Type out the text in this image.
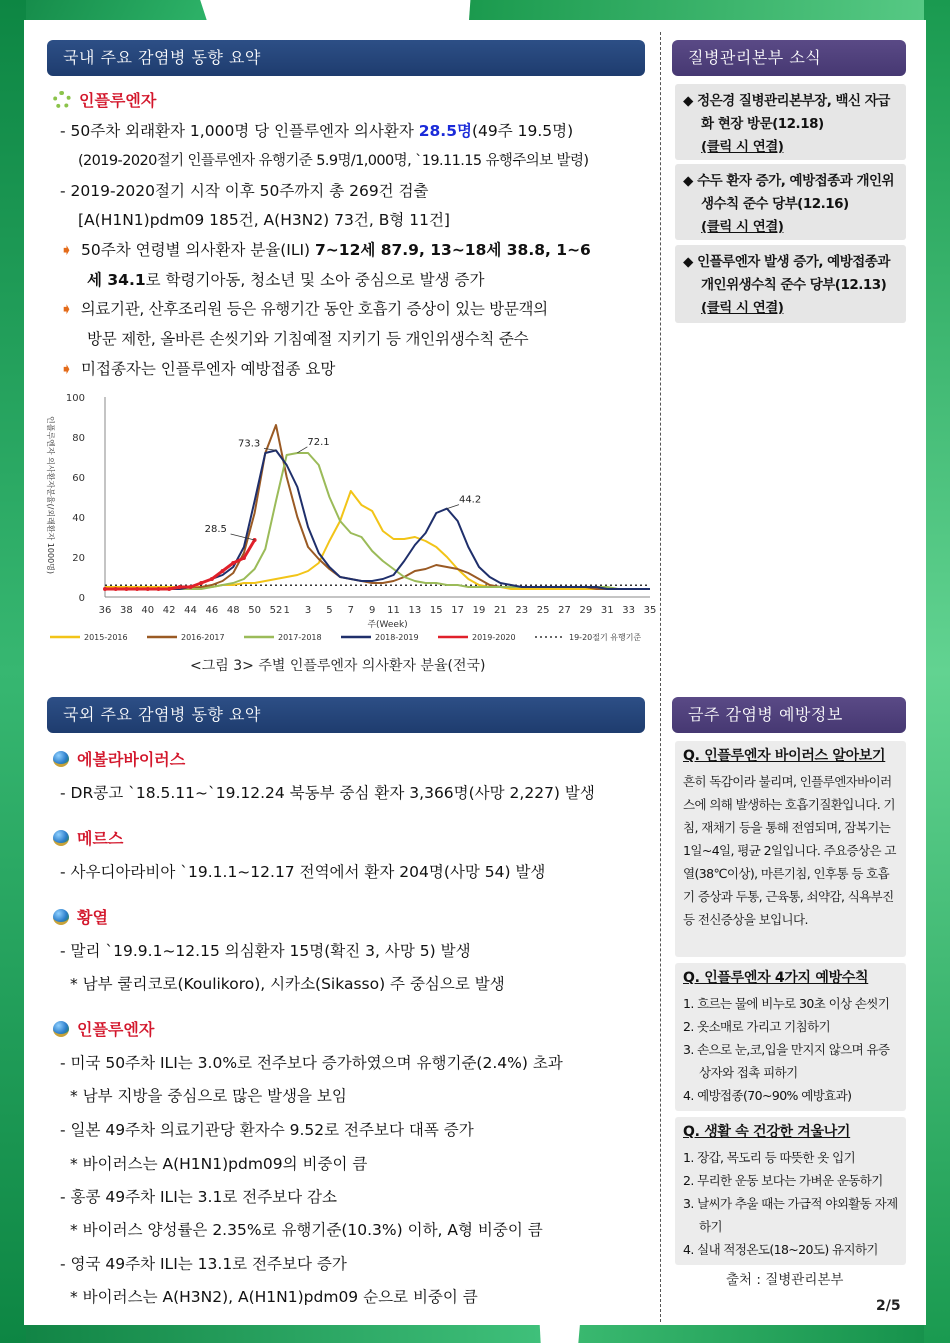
국내 주요 감염병 동향 요약
인플루엔자
- 50주차 외래환자 1,000명 당 인플루엔자 의사환자 28.5명(49주 19.5명)
(2019-2020절기 인플루엔자 유행기준 5.9명/1,000명, `19.11.15 유행주의보 발령)
- 2019-2020절기 시작 이후 50주까지 총 269건 검출
[A(H1N1)pdm09 185건, A(H3N2) 73건, B형 11건]
➧ 50주차 연령별 의사환자 분율(ILI) 7~12세 87.9, 13~18세 38.8, 1~6
세 34.1로 학령기아동, 청소년 및 소아 중심으로 발생 증가
➧ 의료기관, 산후조리원 등은 유행기간 동안 호흡기 증상이 있는 방문객의
방문 제한, 올바른 손씻기와 기침예절 지키기 등 개인위생수칙 준수
➧ 미접종자는 인플루엔자 예방접종 요망
0
20
40
60
80
100
36 38 40 42 44 46 48 50 52 1 3 5 7 9 11 13 15 17 19 21 23 25 27 29 31 33 35
주(Week)
인플루엔자 의사환자분율(/외래환자 1000명)	73.3	72.1
44.2
28.5
2015-2016	2016-2017	2017-2018	2018-2019	2019-2020	19-20절기 유행기준
<그림 3> 주별 인플루엔자 의사환자 분율(전국)
국외 주요 감염병 동향 요약
에볼라바이러스
- DR콩고 `18.5.11~`19.12.24 북동부 중심 환자 3,366명(사망 2,227) 발생
메르스
- 사우디아라비아 `19.1.1~12.17 전역에서 환자 204명(사망 54) 발생
황열
- 말리 `19.9.1~12.15 의심환자 15명(확진 3, 사망 5) 발생
* 남부 쿨리코로(Koulikoro), 시카소(Sikasso) 주 중심으로 발생
인플루엔자
- 미국 50주차 ILI는 3.0%로 전주보다 증가하였으며 유행기준(2.4%) 초과
* 남부 지방을 중심으로 많은 발생을 보임
- 일본 49주차 의료기관당 환자수 9.52로 전주보다 대폭 증가
* 바이러스는 A(H1N1)pdm09의 비중이 큼
- 홍콩 49주차 ILI는 3.1로 전주보다 감소
* 바이러스 양성률은 2.35%로 유행기준(10.3%) 이하, A형 비중이 큼
- 영국 49주차 ILI는 13.1로 전주보다 증가
* 바이러스는 A(H3N2), A(H1N1)pdm09 순으로 비중이 큼
질병관리본부 소식
◆ 정은경 질병관리본부장, 백신 자급화 현장 방문(12.18)
(클릭 시 연결)
◆ 수두 환자 증가, 예방접종과 개인위생수칙 준수 당부(12.16)
(클릭 시 연결)
◆ 인플루엔자 발생 증가, 예방접종과 개인위생수칙 준수 당부(12.13)
(클릭 시 연결)
금주 감염병 예방정보
Q. 인플루엔자 바이러스 알아보기
흔히 독감이라 불리며, 인플루엔자바이러스에 의해 발생하는 호흡기질환입니다. 기침, 재채기 등을 통해 전염되며, 잠복기는 1일~4일, 평균 2일입니다. 주요증상은 고열(38℃이상), 마른기침, 인후통 등 호흡기 증상과 두통, 근육통, 쇠약감, 식욕부진 등 전신증상을 보입니다.
Q. 인플루엔자 4가지 예방수칙
1. 흐르는 물에 비누로 30초 이상 손씻기
2. 옷소매로 가리고 기침하기
3. 손으로 눈,코,입을 만지지 않으며 유증상자와 접촉 피하기
4. 예방접종(70~90% 예방효과)
Q. 생활 속 건강한 겨울나기
1. 장갑, 목도리 등 따뜻한 옷 입기
2. 무리한 운동 보다는 가벼운 운동하기
3. 날씨가 추울 때는 가급적 야외활동 자제하기
4. 실내 적정온도(18~20도) 유지하기
출처 : 질병관리본부
2/5
